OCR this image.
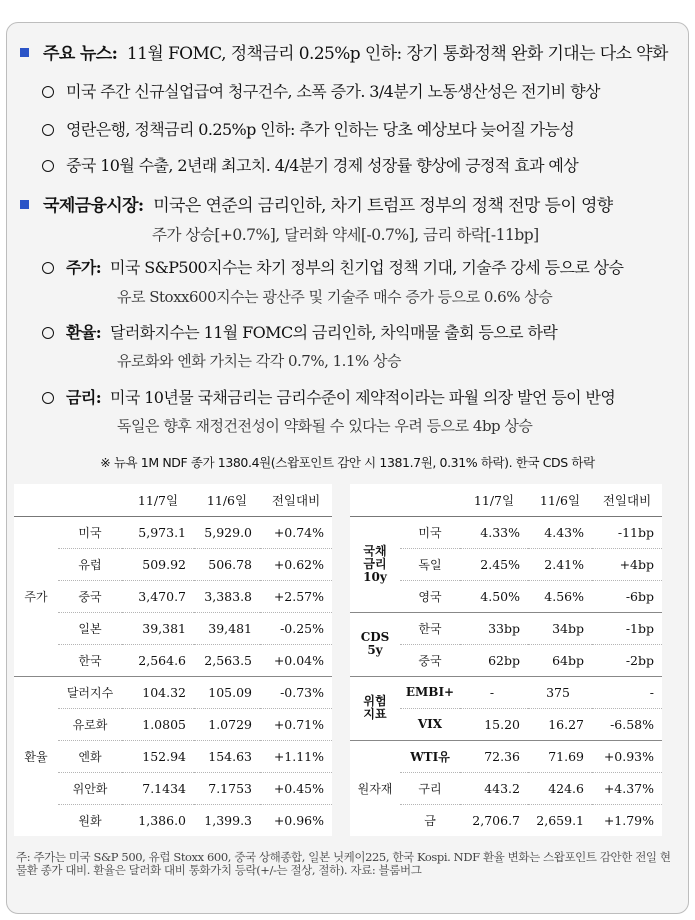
주요 뉴스: 11월 FOMC, 정책금리 0.25%p 인하: 장기 통화정책 완화 기대는 다소 약화
미국 주간 신규실업급여 청구건수, 소폭 증가. 3/4분기 노동생산성은 전기비 향상
영란은행, 정책금리 0.25%p 인하: 추가 인하는 당초 예상보다 늦어질 가능성
중국 10월 수출, 2년래 최고치. 4/4분기 경제 성장률 향상에 긍정적 효과 예상
국제금융시장: 미국은 연준의 금리인하, 차기 트럼프 정부의 정책 전망 등이 영향
주가 상승[+0.7%], 달러화 약세[-0.7%], 금리 하락[-11bp]
주가: 미국 S&P500지수는 차기 정부의 친기업 정책 기대, 기술주 강세 등으로 상승
유로 Stoxx600지수는 광산주 및 기술주 매수 증가 등으로 0.6% 상승
환율: 달러화지수는 11월 FOMC의 금리인하, 차익매물 출회 등으로 하락
유로화와 엔화 가치는 각각 0.7%, 1.1% 상승
금리: 미국 10년물 국채금리는 금리수준이 제약적이라는 파월 의장 발언 등이 반영
독일은 향후 재정건전성이 약화될 수 있다는 우려 등으로 4bp 상승
※ 뉴욕 1M NDF 종가 1380.4원(스왑포인트 감안 시 1381.7원, 0.31% 하락). 한국 CDS 하락
		11/7일	11/6일	전일대비
주가	미국	5,973.1	5,929.0	+0.74%
	유럽	509.92	506.78	+0.62%
	중국	3,470.7	3,383.8	+2.57%
	일본	39,381	39,481	-0.25%
	한국	2,564.6	2,563.5	+0.04%
환율	달러지수	104.32	105.09	-0.73%
	유로화	1.0805	1.0729	+0.71%
	엔화	152.94	154.63	+1.11%
	위안화	7.1434	7.1753	+0.45%
	원화	1,386.0	1,399.3	+0.96%
		11/7일	11/6일	전일대비
국채
금리
10y	미국	4.33%	4.43%	-11bp
	독일	2.45%	2.41%	+4bp
	영국	4.50%	4.56%	-6bp
CDS
5y	한국	33bp	34bp	-1bp
	중국	62bp	64bp	-2bp
위험
지표	EMBI+	-	375	-
	VIX	15.20	16.27	-6.58%
원자재	WTI유	72.36	71.69	+0.93%
	구리	443.2	424.6	+4.37%
	금	2,706.7	2,659.1	+1.79%
주: 주가는 미국 S&P 500, 유럽 Stoxx 600, 중국 상해종합, 일본 닛케이225, 한국 Kospi. NDF 환율 변화는 스왑포인트 감안한 전일 현물환 종가 대비. 환율은 달러화 대비 통화가치 등락(+/-는 절상, 절하). 자료: 블룸버그
